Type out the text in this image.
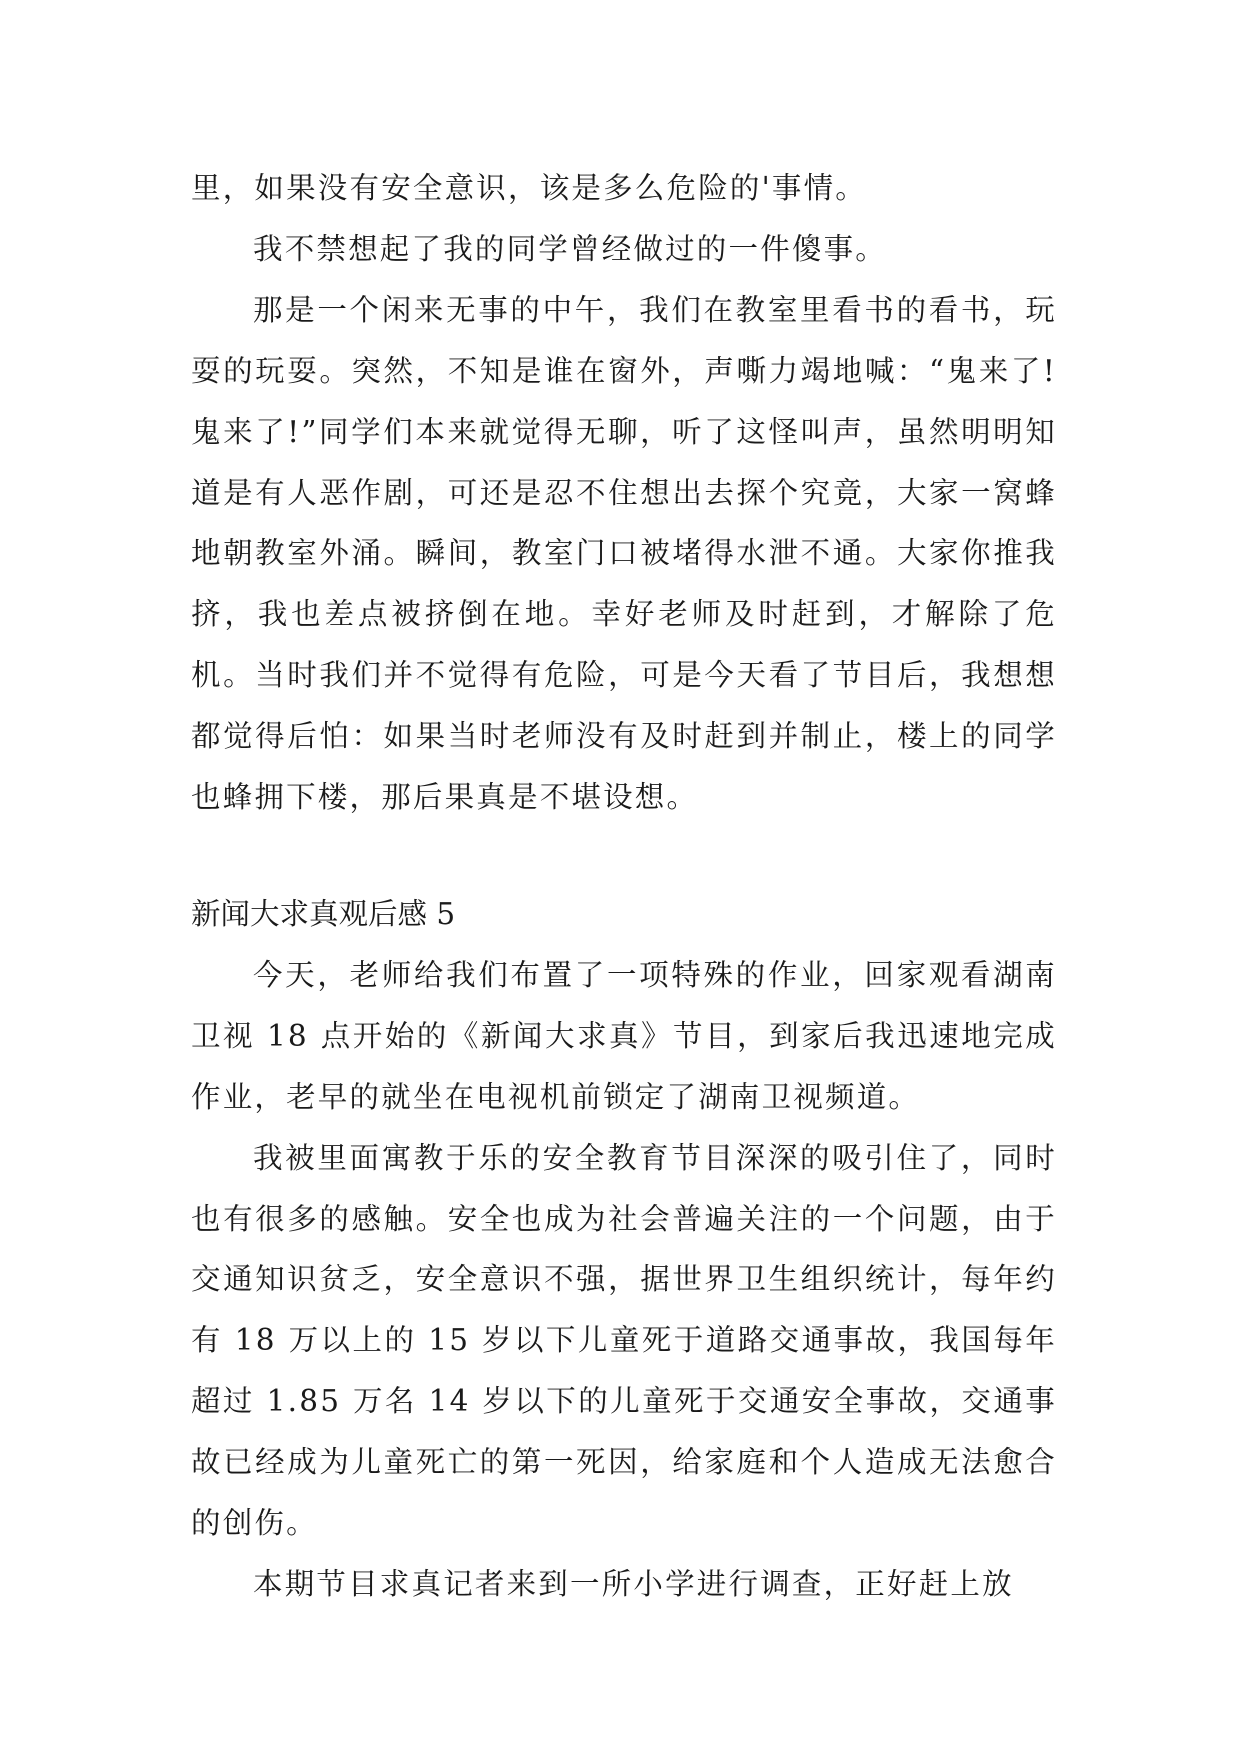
里，如果没有安全意识，该是多么危险的'事情。

我不禁想起了我的同学曾经做过的一件傻事。

那是一个闲来无事的中午，我们在教室里看书的看书，玩耍的玩耍。突然，不知是谁在窗外，声嘶力竭地喊：“鬼来了!鬼来了!”同学们本来就觉得无聊，听了这怪叫声，虽然明明知道是有人恶作剧，可还是忍不住想出去探个究竟，大家一窝蜂地朝教室外涌。瞬间，教室门口被堵得水泄不通。大家你推我挤，我也差点被挤倒在地。幸好老师及时赶到，才解除了危机。当时我们并不觉得有危险，可是今天看了节目后，我想想都觉得后怕：如果当时老师没有及时赶到并制止，楼上的同学也蜂拥下楼，那后果真是不堪设想。

新闻大求真观后感 5

今天，老师给我们布置了一项特殊的作业，回家观看湖南卫视 18 点开始的《新闻大求真》节目，到家后我迅速地完成作业，老早的就坐在电视机前锁定了湖南卫视频道。

我被里面寓教于乐的安全教育节目深深的吸引住了，同时也有很多的感触。安全也成为社会普遍关注的一个问题，由于交通知识贫乏，安全意识不强，据世界卫生组织统计，每年约有 18 万以上的 15 岁以下儿童死于道路交通事故，我国每年超过 1.85 万名 14 岁以下的儿童死于交通安全事故，交通事故已经成为儿童死亡的第一死因，给家庭和个人造成无法愈合的创伤。

本期节目求真记者来到一所小学进行调查，正好赶上放
